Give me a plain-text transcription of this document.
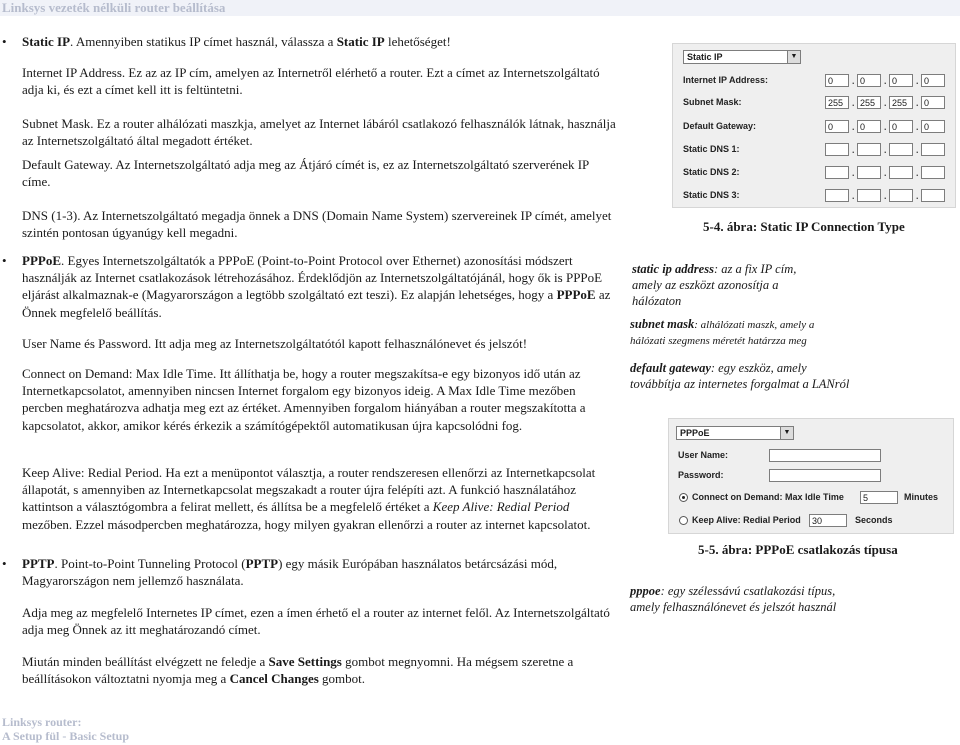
Linksys vezeték nélküli router beállítása
• Static IP. Amennyiben statikus IP címet használ, válassza a Static IP lehetőséget!
Internet IP Address. Ez az az IP cím, amelyen az Internetről elérhető a router. Ezt a címet az Internetszolgáltató adja ki, és ezt a címet kell itt is feltüntetni.
Subnet Mask. Ez a router alhálózati maszkja, amelyet az Internet lábáról csatlakozó felhasználók látnak, használja az Internetszolgáltató által megadott értéket.
Default Gateway. Az Internetszolgáltató adja meg az Átjáró címét is, ez az Internetszolgáltató szerverének IP címe.
DNS (1-3). Az Internetszolgáltató megadja önnek a DNS (Domain Name System) szervereinek IP címét, amelyet szintén pontosan úgyanúgy kell megadni.
• PPPoE. Egyes Internetszolgáltatók a PPPoE (Point-to-Point Protocol over Ethernet) azonosítási módszert használják az Internet csatlakozások létrehozásához. Érdeklődjön az Internetszolgáltatójánál, hogy ők is PPPoE eljárást alkalmaznak-e (Magyarországon a legtöbb szolgáltató ezt teszi). Ez alapján lehetséges, hogy a PPPoE az Önnek megfelelő beállítás.
User Name és Password. Itt adja meg az Internetszolgáltatótól kapott felhasználónevet és jelszót!
Connect on Demand: Max Idle Time. Itt állíthatja be, hogy a router megszakítsa-e egy bizonyos idő után az Internetkapcsolatot, amennyiben nincsen Internet forgalom egy bizonyos ideig. A Max Idle Time mezőben percben meghatározva adhatja meg ezt az értéket. Amennyiben forgalom hiányában a router megszakította a kapcsolatot, akkor, amikor kérés érkezik a számítógépektől automatikusan újra kapcsolódni fog.
Keep Alive: Redial Period. Ha ezt a menüpontot választja, a router rendszeresen ellenőrzi az Internetkapcsolat állapotát, s amennyiben az Internetkapcsolat megszakadt a router újra felépíti azt. A funkció használatához kattintson a választógombra a felirat mellett, és állítsa be a megfelelő értéket a Keep Alive: Redial Period mezőben. Ezzel másodpercben meghatározza, hogy milyen gyakran ellenőrzi a router az internet kapcsolatot.
• PPTP. Point-to-Point Tunneling Protocol (PPTP) egy másik Európában használatos betárcsázási mód, Magyarországon nem jellemző használata.
Adja meg az megfelelő Internetes IP címet, ezen a ímen érhető el a router az internet felől. Az Internetszolgáltató adja meg Önnek az itt meghatározandó címet.
Miután minden beállítást elvégzett ne feledje a Save Settings gombot megnyomni. Ha mégsem szeretne a beállításokon változtatni nyomja meg a Cancel Changes gombot.
Static IP	▼
Internet IP Address:	0	. 0	. 0	. 0
Subnet Mask:	255 . 255 . 255 . 0
Default Gateway:	0	. 0	. 0	. 0
Static DNS 1:	.	.	.
Static DNS 2:	.	.	.
Static DNS 3:	.	.	.
5-4. ábra: Static IP Connection Type
static ip address: az a fix IP cím,
amely az eszközt azonosítja a
hálózaton
subnet mask: alhálózati maszk, amely a
hálózati szegmens méretét határzza meg
default gateway: egy eszköz, amely
továbbítja az internetes forgalmat a LANról
PPPoE	▼
User Name:
Password:
Connect on Demand: Max Idle Time	5	Minutes
Keep Alive: Redial Period	30	Seconds
5-5. ábra: PPPoE csatlakozás típusa
pppoe: egy szélessávú csatlakozási típus,
amely felhasználónevet és jelszót használ
Linksys router:
A Setup fül - Basic Setup
